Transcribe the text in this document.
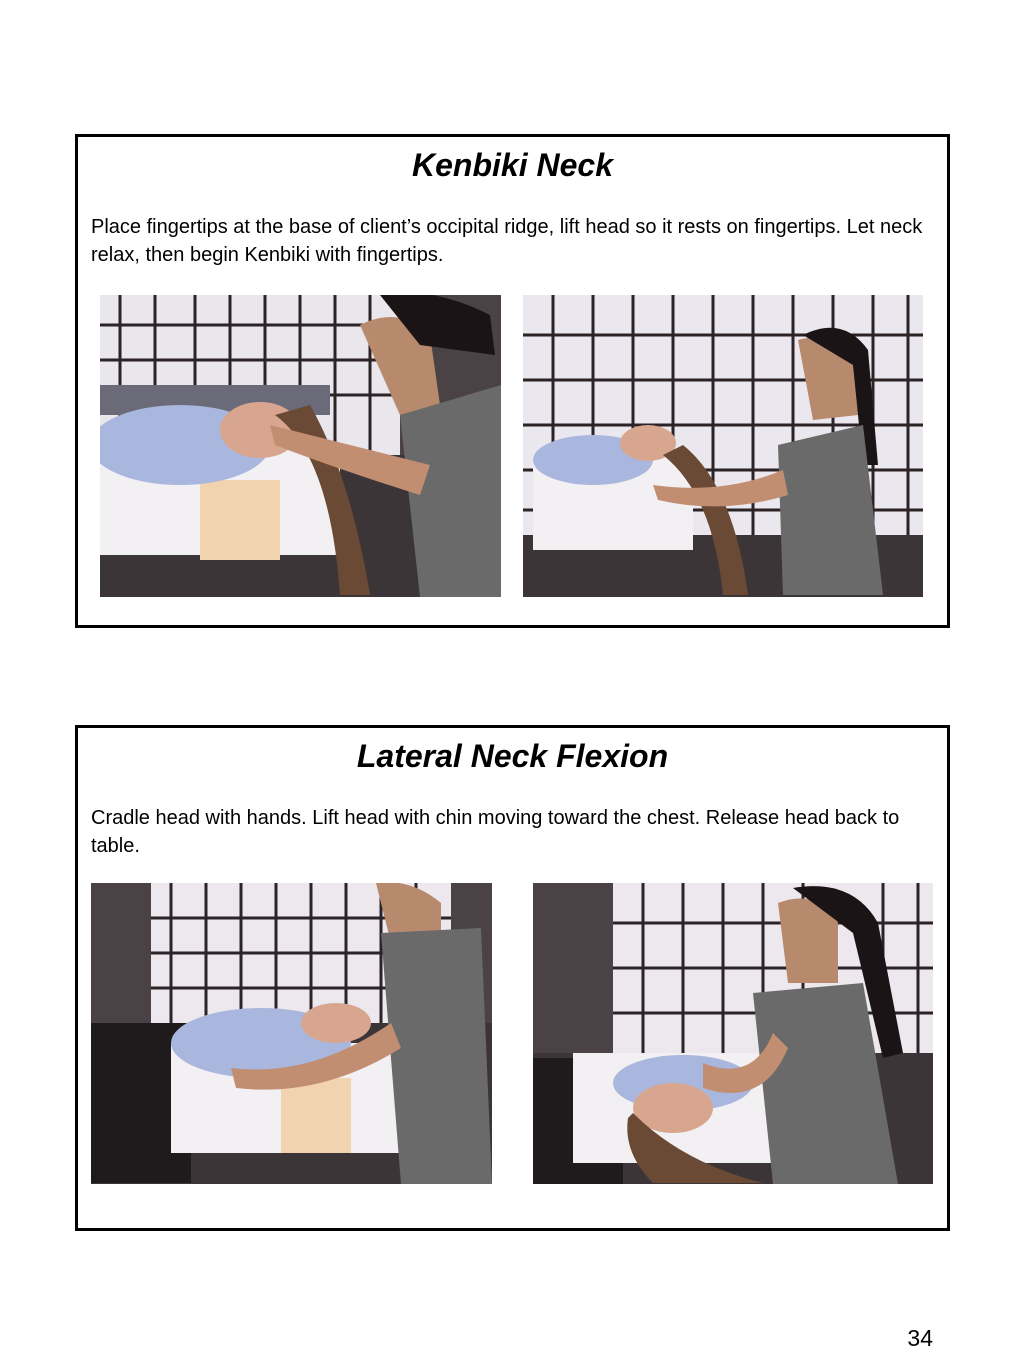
Kenbiki Neck
Place fingertips at the base of client’s occipital ridge, lift head so it rests on fingertips. Let neck relax, then begin Kenbiki with fingertips.
Lateral Neck Flexion
Cradle head with hands. Lift head with chin moving toward the chest. Release head back to table.
34
